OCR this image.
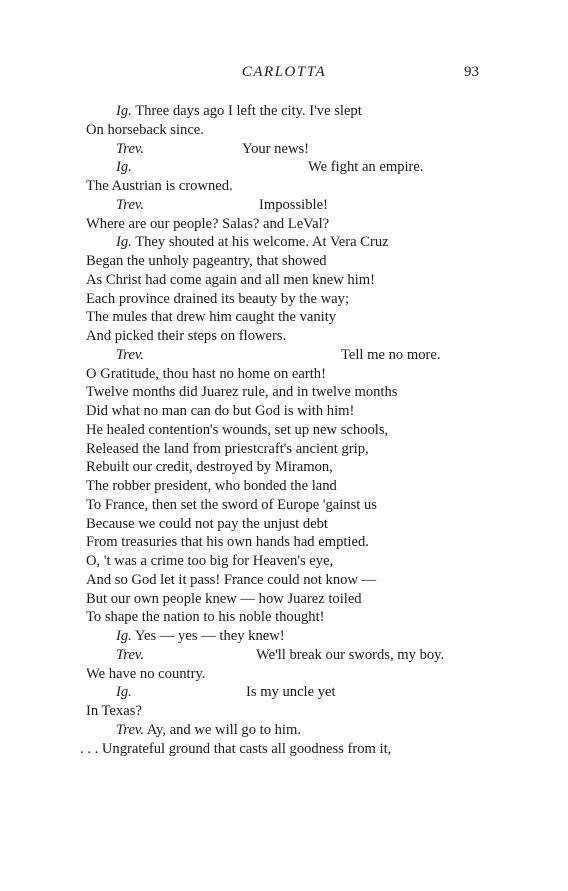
CARLOTTA	93
Ig. Three days ago I left the city. I've slept
On horseback since.
Trev.	Your news!
Ig.	We fight an empire.
The Austrian is crowned.
Trev.	Impossible!
Where are our people? Salas? and LeVal?
Ig. They shouted at his welcome. At Vera Cruz
Began the unholy pageantry, that showed
As Christ had come again and all men knew him!
Each province drained its beauty by the way;
The mules that drew him caught the vanity
And picked their steps on flowers.
Trev.	Tell me no more.
O Gratitude, thou hast no home on earth!
Twelve months did Juarez rule, and in twelve months
Did what no man can do but God is with him!
He healed contention's wounds, set up new schools,
Released the land from priestcraft's ancient grip,
Rebuilt our credit, destroyed by Miramon,
The robber president, who bonded the land
To France, then set the sword of Europe 'gainst us
Because we could not pay the unjust debt
From treasuries that his own hands had emptied.
O, 't was a crime too big for Heaven's eye,
And so God let it pass! France could not know —
But our own people knew — how Juarez toiled
To shape the nation to his noble thought!
Ig. Yes — yes — they knew!
Trev.	We'll break our swords, my boy.
We have no country.
Ig.	Is my uncle yet
In Texas?
Trev. Ay, and we will go to him.
. . . Ungrateful ground that casts all goodness from it,
